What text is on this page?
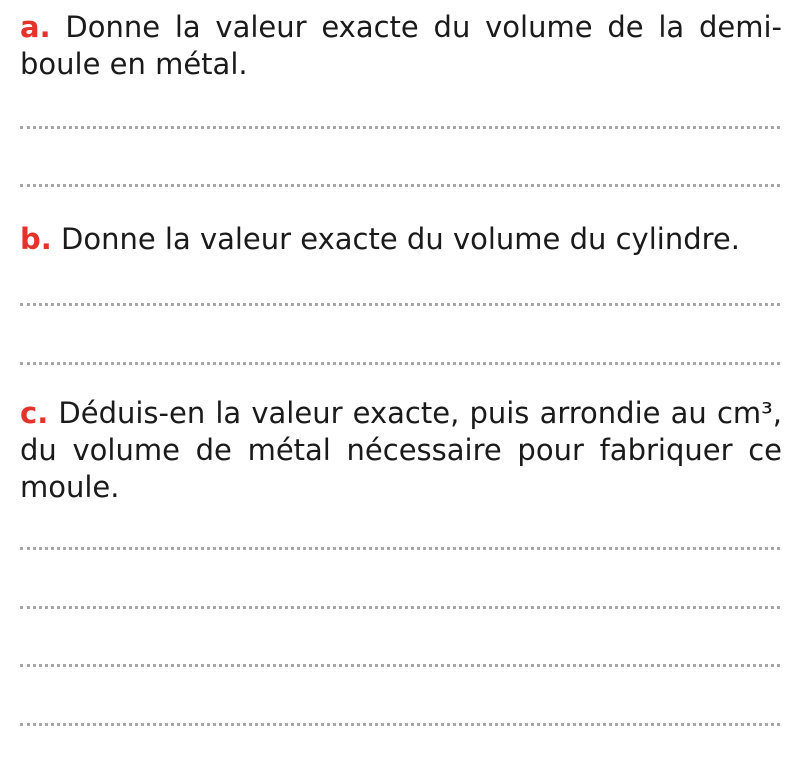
a. Donne la valeur exacte du volume de la demi-boule en métal.
b. Donne la valeur exacte du volume du cylindre.
c. Déduis-en la valeur exacte, puis arrondie au cm³, du volume de métal nécessaire pour fabriquer ce moule.
